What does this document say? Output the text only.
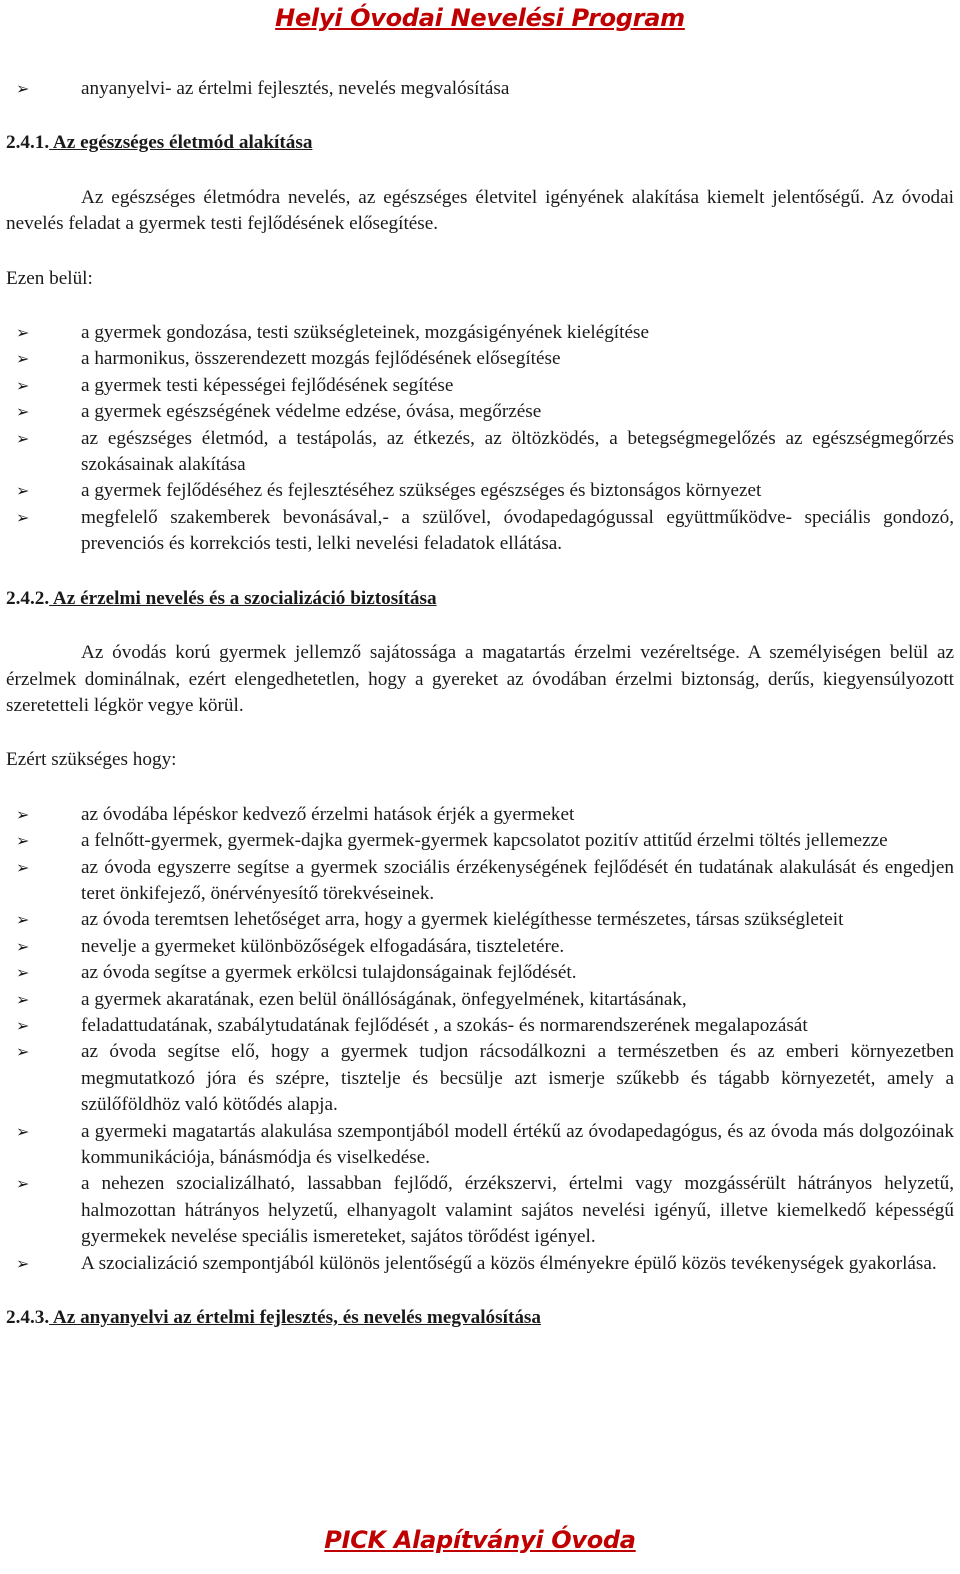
Helyi Óvodai Nevelési Program
anyanyelvi- az értelmi fejlesztés, nevelés megvalósítása

2.4.1. Az egészséges életmód alakítása

Az egészséges életmódra nevelés, az egészséges életvitel igényének alakítása kiemelt jelentőségű. Az óvodai nevelés feladat a gyermek testi fejlődésének elősegítése.

Ezen belül:

a gyermek gondozása, testi szükségleteinek, mozgásigényének kielégítése
a harmonikus, összerendezett mozgás fejlődésének elősegítése
a gyermek testi képességei fejlődésének segítése
a gyermek egészségének védelme edzése, óvása, megőrzése
az egészséges életmód, a testápolás, az étkezés, az öltözködés, a betegségmegelőzés az egészségmegőrzés szokásainak alakítása
a gyermek fejlődéséhez és fejlesztéséhez szükséges egészséges és biztonságos környezet
megfelelő szakemberek bevonásával,- a szülővel, óvodapedagógussal együttműködve- speciális gondozó, prevenciós és korrekciós testi, lelki nevelési feladatok ellátása.

2.4.2. Az érzelmi nevelés és a szocializáció biztosítása

Az óvodás korú gyermek jellemző sajátossága a magatartás érzelmi vezéreltsége. A személyiségen belül az érzelmek dominálnak, ezért elengedhetetlen, hogy a gyereket az óvodában érzelmi biztonság, derűs, kiegyensúlyozott szeretetteli légkör vegye körül.

Ezért szükséges hogy:

az óvodába lépéskor kedvező érzelmi hatások érjék a gyermeket
a felnőtt-gyermek, gyermek-dajka gyermek-gyermek kapcsolatot pozitív attitűd érzelmi töltés jellemezze
az óvoda egyszerre segítse a gyermek szociális érzékenységének fejlődését én tudatának alakulását és engedjen teret önkifejező, önérvényesítő törekvéseinek.
az óvoda teremtsen lehetőséget arra, hogy a gyermek kielégíthesse természetes, társas szükségleteit
nevelje a gyermeket különbözőségek elfogadására, tiszteletére.
az óvoda segítse a gyermek erkölcsi tulajdonságainak fejlődését.
a gyermek akaratának, ezen belül önállóságának, önfegyelmének, kitartásának,
feladattudatának, szabálytudatának fejlődését , a szokás- és normarendszerének megalapozását
az óvoda segítse elő, hogy a gyermek tudjon rácsodálkozni a természetben és az emberi környezetben megmutatkozó jóra és szépre, tisztelje és becsülje azt ismerje szűkebb és tágabb környezetét, amely a szülőföldhöz való kötődés alapja.
a gyermeki magatartás alakulása szempontjából modell értékű az óvodapedagógus, és az óvoda más dolgozóinak kommunikációja, bánásmódja és viselkedése.
a nehezen szocializálható, lassabban fejlődő, érzékszervi, értelmi vagy mozgássérült hátrányos helyzetű, halmozottan hátrányos helyzetű, elhanyagolt valamint sajátos nevelési igényű, illetve kiemelkedő képességű gyermekek nevelése speciális ismereteket, sajátos törődést igényel.
A szocializáció szempontjából különös jelentőségű a közös élményekre épülő közös tevékenységek gyakorlása.

2.4.3. Az anyanyelvi az értelmi fejlesztés, és nevelés megvalósítása

PICK Alapítványi Óvoda
